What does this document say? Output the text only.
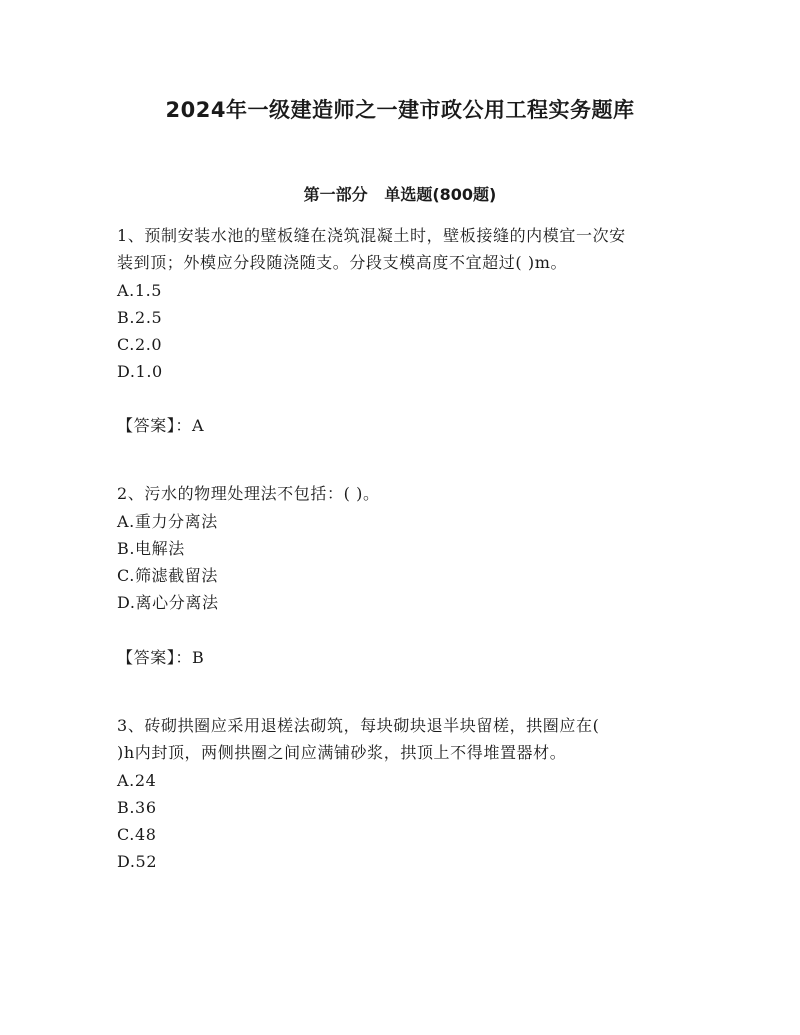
2024年一级建造师之一建市政公用工程实务题库
第一部分   单选题(800题)
1、预制安装水池的壁板缝在浇筑混凝土时，壁板接缝的内模宜一次安
装到顶；外模应分段随浇随支。分段支模高度不宜超过( )m。
A.1.5
B.2.5
C.2.0
D.1.0
【答案】：A
2、污水的物理处理法不包括：( )。
A.重力分离法
B.电解法
C.筛滤截留法
D.离心分离法
【答案】：B
3、砖砌拱圈应采用退槎法砌筑，每块砌块退半块留槎，拱圈应在(
)h内封顶，两侧拱圈之间应满铺砂浆，拱顶上不得堆置器材。
A.24
B.36
C.48
D.52
